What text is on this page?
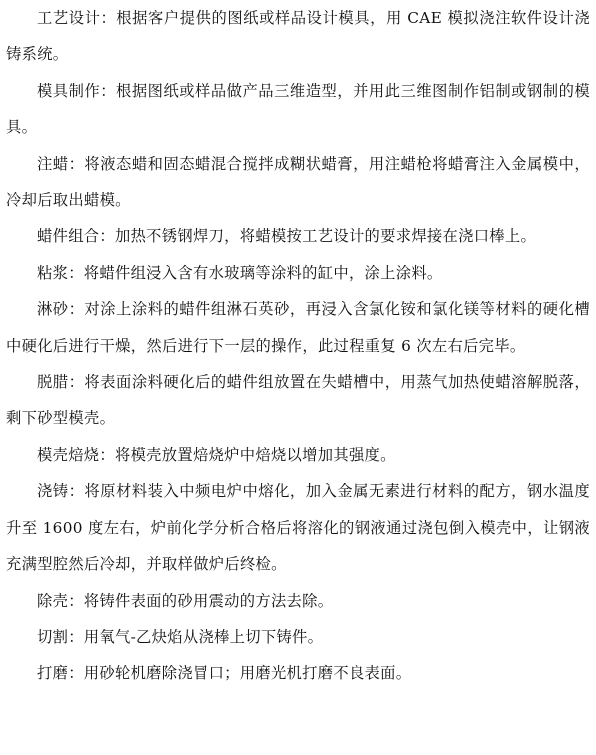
工艺设计：根据客户提供的图纸或样品设计模具，用 CAE 模拟浇注软件设计浇铸系统。

模具制作：根据图纸或样品做产品三维造型，并用此三维图制作铝制或钢制的模具。

注蜡：将液态蜡和固态蜡混合搅拌成糊状蜡膏，用注蜡枪将蜡膏注入金属模中，冷却后取出蜡模。

蜡件组合：加热不锈钢焊刀，将蜡模按工艺设计的要求焊接在浇口棒上。

粘浆：将蜡件组浸入含有水玻璃等涂料的缸中，涂上涂料。

淋砂：对涂上涂料的蜡件组淋石英砂，再浸入含氯化铵和氯化镁等材料的硬化槽中硬化后进行干燥，然后进行下一层的操作，此过程重复 6 次左右后完毕。

脱腊：将表面涂料硬化后的蜡件组放置在失蜡槽中，用蒸气加热使蜡溶解脱落，剩下砂型模壳。

模壳焙烧：将模壳放置焙烧炉中焙烧以增加其强度。

浇铸：将原材料装入中频电炉中熔化，加入金属无素进行材料的配方，钢水温度升至 1600 度左右，炉前化学分析合格后将溶化的钢液通过浇包倒入模壳中，让钢液充满型腔然后冷却，并取样做炉后终检。

除壳：将铸件表面的砂用震动的方法去除。

切割：用氧气-乙炔焰从浇棒上切下铸件。

打磨：用砂轮机磨除浇冒口；用磨光机打磨不良表面。
